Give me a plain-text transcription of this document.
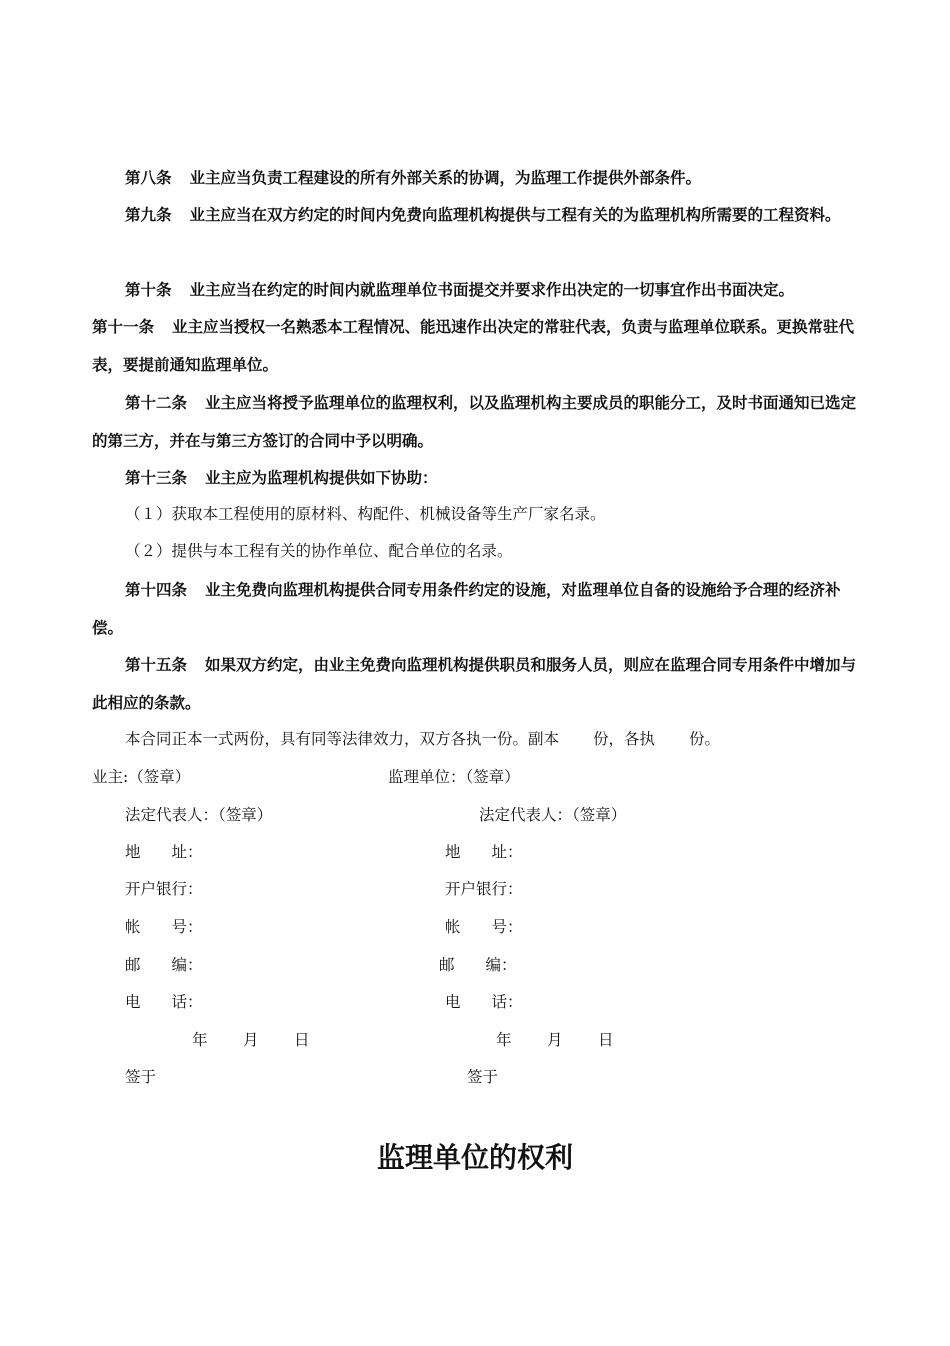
第八条 业主应当负责工程建设的所有外部关系的协调，为监理工作提供外部条件。
第九条 业主应当在双方约定的时间内免费向监理机构提供与工程有关的为监理机构所需要的工程资料。
第十条 业主应当在约定的时间内就监理单位书面提交并要求作出决定的一切事宜作出书面决定。
第十一条 业主应当授权一名熟悉本工程情况、能迅速作出决定的常驻代表，负责与监理单位联系。更换常驻代表，要提前通知监理单位。
第十二条 业主应当将授予监理单位的监理权利，以及监理机构主要成员的职能分工，及时书面通知已选定的第三方，并在与第三方签订的合同中予以明确。
第十三条 业主应为监理机构提供如下协助：
（１）获取本工程使用的原材料、构配件、机械设备等生产厂家名录。
（２）提供与本工程有关的协作单位、配合单位的名录。
第十四条 业主免费向监理机构提供合同专用条件约定的设施，对监理单位自备的设施给予合理的经济补偿。
第十五条 如果双方约定，由业主免费向监理机构提供职员和服务人员，则应在监理合同专用条件中增加与此相应的条款。
本合同正本一式两份，具有同等法律效力，双方各执一份。副本 份，各执 份。
业主:（签章）
法定代表人：（签章）
地　　址：
开户银行：
帐　　号：
邮　　编：
电　　话：
年 月 日
签于
监理单位：（签章）
法定代表人：（签章）
地　　址：
开户银行：
帐　　号：
邮　　编：
电　　话：
年 月 日
签于
监理单位的权利
